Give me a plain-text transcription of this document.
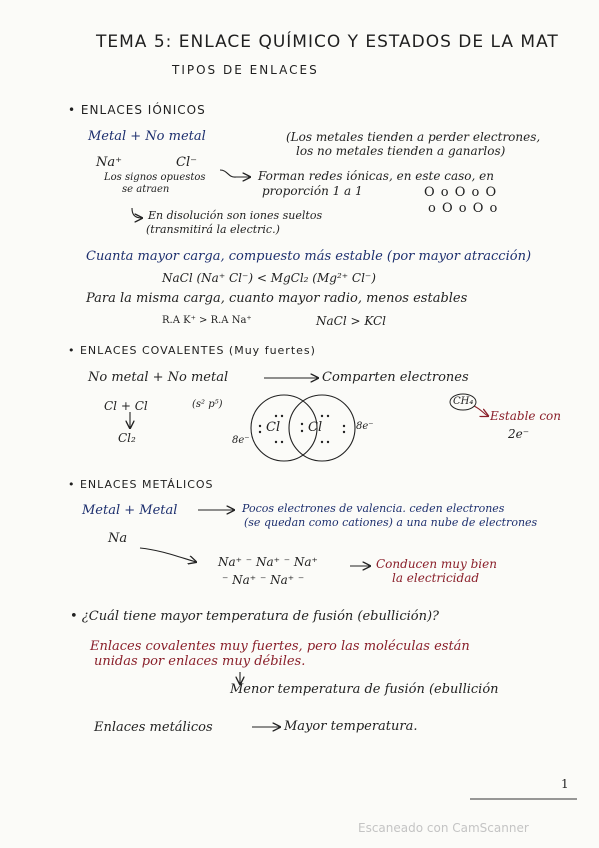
TEMA 5: ENLACE QUÍMICO Y ESTADOS DE LA MAT
TIPOS DE ENLACES
• ENLACES IÓNICOS
Metal + No metal	(Los metales tienden a perder electrones,
los no metales tienden a ganarlos)
Na⁺	Cl⁻
Los signos opuestos
se atraen
Forman redes iónicas, en este caso, en
proporción 1 a 1	O o O o O
o O o O o
En disolución son iones sueltos
(transmitirá la electric.)
Cuanta mayor carga, compuesto más estable (por mayor atracción)
NaCl (Na⁺ Cl⁻) < MgCl₂ (Mg²⁺ Cl⁻)
Para la misma carga, cuanto mayor radio, menos estables
R.A K⁺ > R.A Na⁺	NaCl > KCl
• ENLACES COVALENTES (Muy fuertes)
No metal + No metal	Comparten electrones
Cl + Cl	(s² p⁵)
Cl₂
Cl Cl
8e⁻
8e⁻
CH₄
Estable con
2e⁻
• ENLACES METÁLICOS
Metal + Metal	Pocos electrones de valencia. ceden electrones
(se quedan como cationes) a una nube de electrones
Na
Na⁺ ⁻ Na⁺ ⁻ Na⁺
⁻ Na⁺ ⁻ Na⁺ ⁻
Conducen muy bien
la electricidad
• ¿Cuál tiene mayor temperatura de fusión (ebullición)?
Enlaces covalentes muy fuertes, pero las moléculas están
unidas por enlaces muy débiles.
Menor temperatura de fusión (ebullición
Enlaces metálicos	Mayor temperatura.
1
Escaneado con CamScanner
